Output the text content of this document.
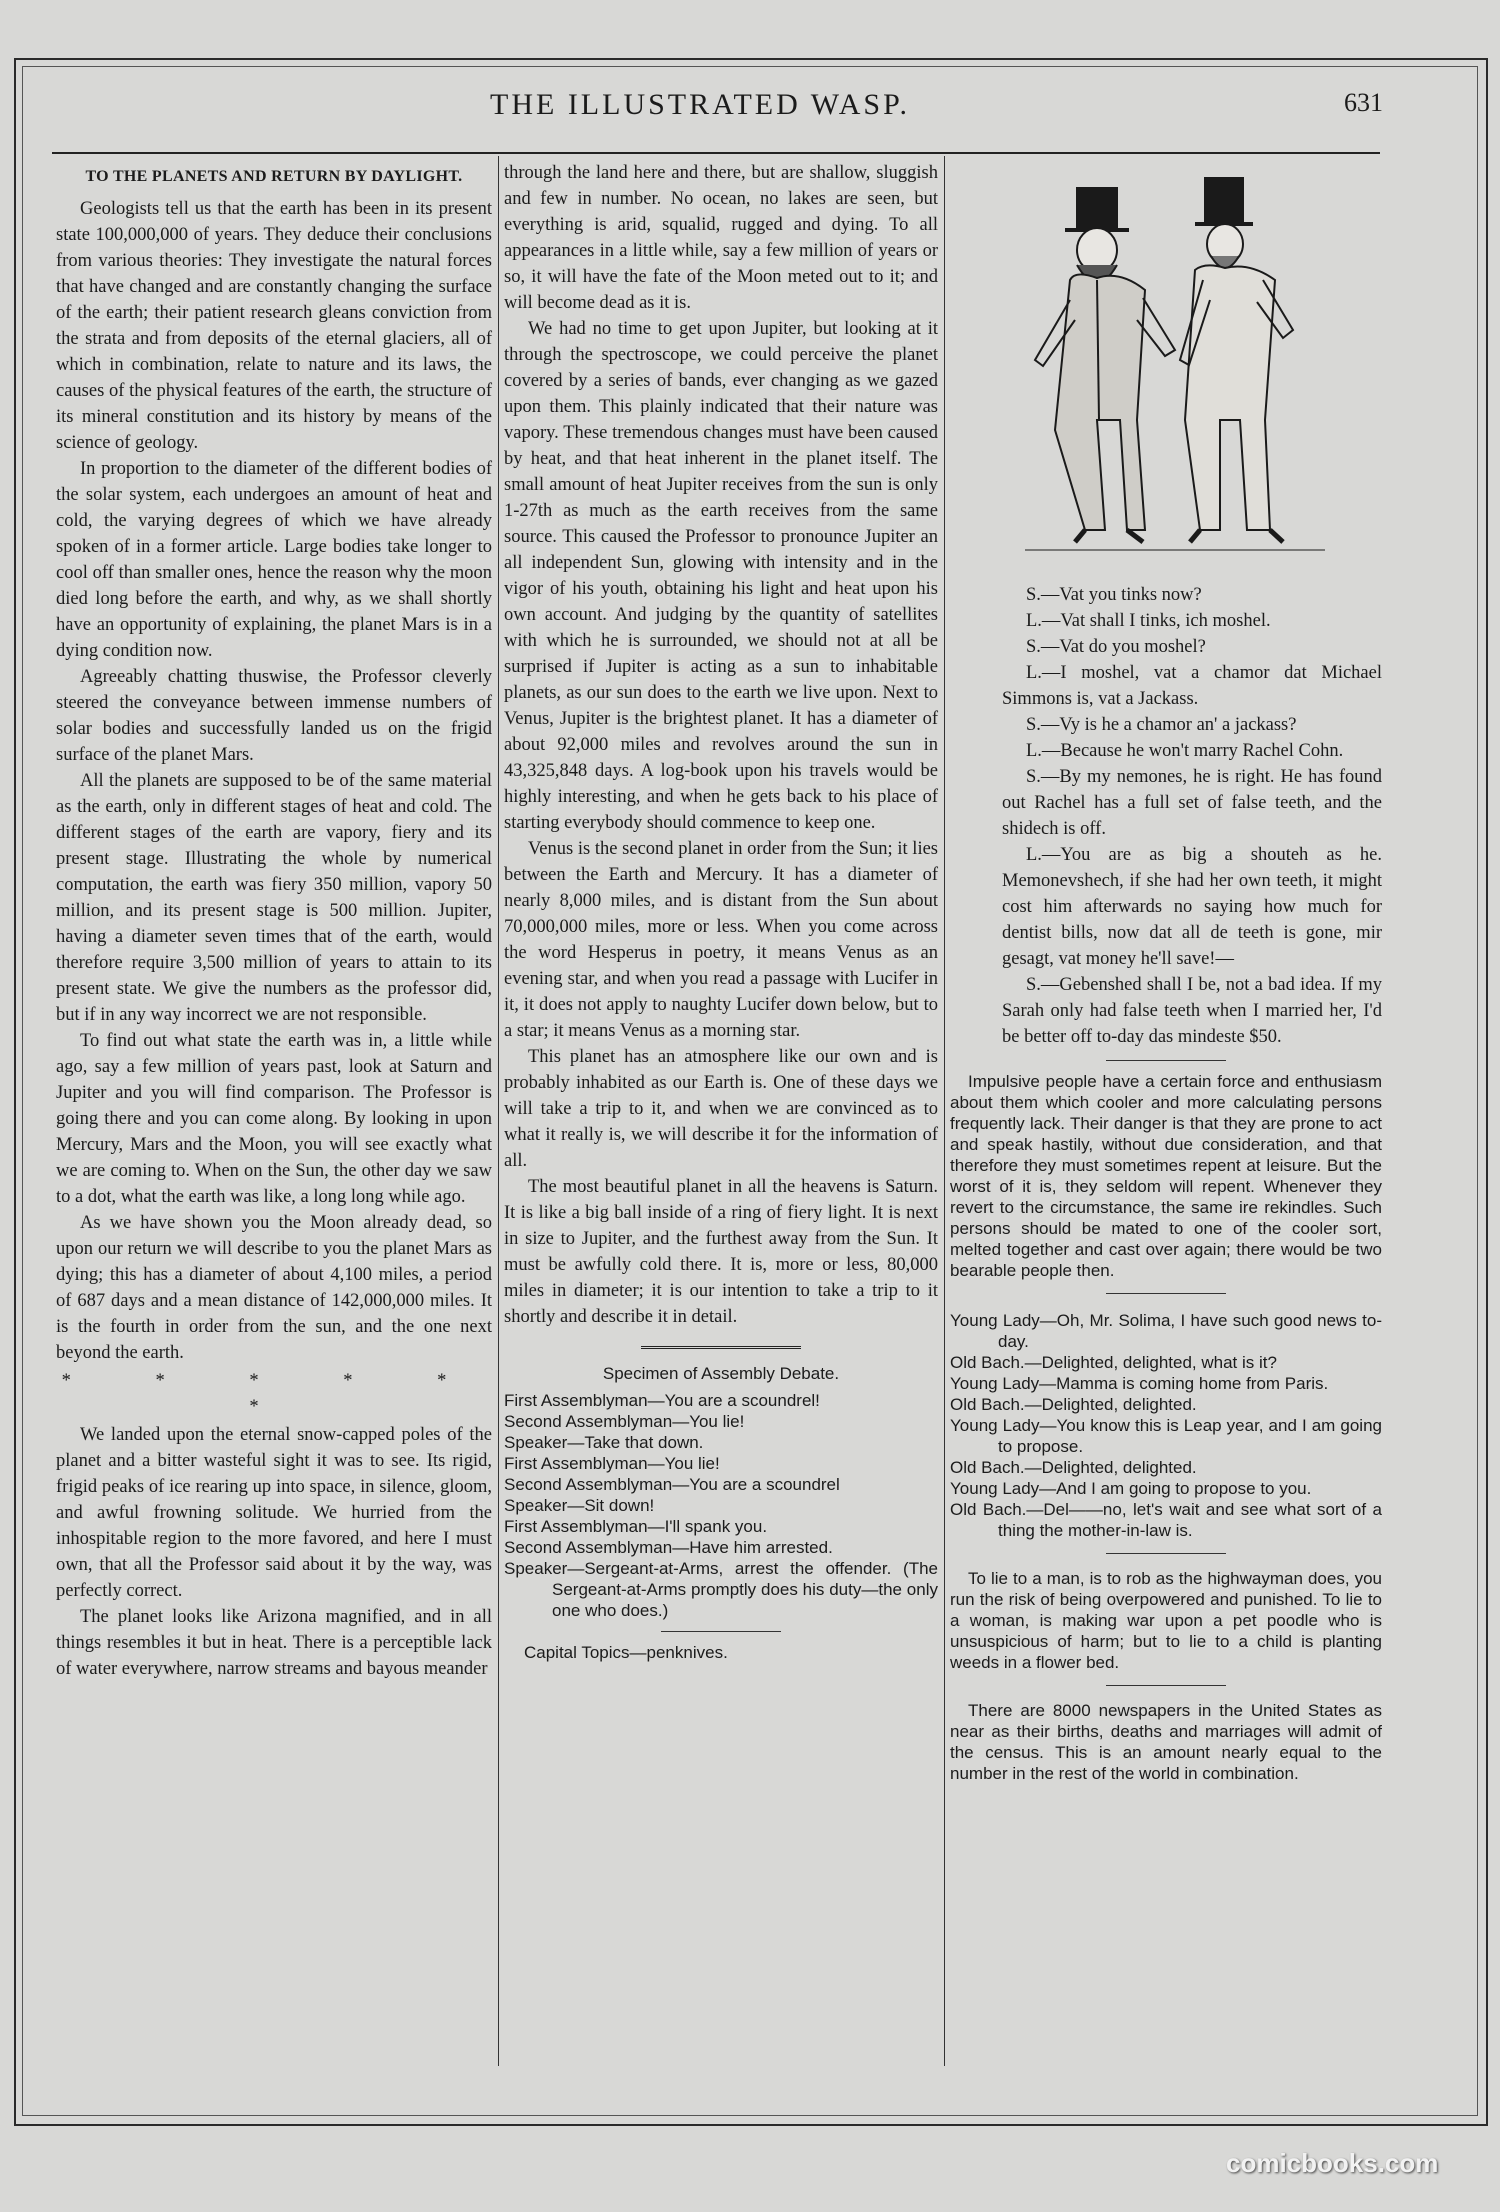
THE ILLUSTRATED WASP.	631
TO THE PLANETS AND RETURN BY DAYLIGHT.

Geologists tell us that the earth has been in its present state 100,000,000 of years. They deduce their conclusions from various theories: They investigate the natural forces that have changed and are constantly changing the surface of the earth; their patient research gleans conviction from the strata and from deposits of the eternal glaciers, all of which in combination, relate to nature and its laws, the causes of the physical features of the earth, the structure of its mineral constitution and its history by means of the science of geology.

In proportion to the diameter of the different bodies of the solar system, each undergoes an amount of heat and cold, the varying degrees of which we have already spoken of in a former article. Large bodies take longer to cool off than smaller ones, hence the reason why the moon died long before the earth, and why, as we shall shortly have an opportunity of explaining, the planet Mars is in a dying condition now.

Agreeably chatting thuswise, the Professor cleverly steered the conveyance between immense numbers of solar bodies and successfully landed us on the frigid surface of the planet Mars.

All the planets are supposed to be of the same material as the earth, only in different stages of heat and cold. The different stages of the earth are vapory, fiery and its present stage. Illustrating the whole by numerical computation, the earth was fiery 350 million, vapory 50 million, and its present stage is 500 million. Jupiter, having a diameter seven times that of the earth, would therefore require 3,500 million of years to attain to its present state. We give the numbers as the professor did, but if in any way incorrect we are not responsible.

To find out what state the earth was in, a little while ago, say a few million of years past, look at Saturn and Jupiter and you will find comparison. The Professor is going there and you can come along. By looking in upon Mercury, Mars and the Moon, you will see exactly what we are coming to. When on the Sun, the other day we saw to a dot, what the earth was like, a long long while ago.

As we have shown you the Moon already dead, so upon our return we will describe to you the planet Mars as dying; this has a diameter of about 4,100 miles, a period of 687 days and a mean distance of 142,000,000 miles. It is the fourth in order from the sun, and the one next beyond the earth.

* * * * * *

We landed upon the eternal snow-capped poles of the planet and a bitter wasteful sight it was to see. Its rigid, frigid peaks of ice rearing up into space, in silence, gloom, and awful frowning solitude. We hurried from the inhospitable region to the more favored, and here I must own, that all the Professor said about it by the way, was perfectly correct.

The planet looks like Arizona magnified, and in all things resembles it but in heat. There is a perceptible lack of water everywhere, narrow streams and bayous meander

through the land here and there, but are shallow, sluggish and few in number. No ocean, no lakes are seen, but everything is arid, squalid, rugged and dying. To all appearances in a little while, say a few million of years or so, it will have the fate of the Moon meted out to it; and will become dead as it is.

We had no time to get upon Jupiter, but looking at it through the spectroscope, we could perceive the planet covered by a series of bands, ever changing as we gazed upon them. This plainly indicated that their nature was vapory. These tremendous changes must have been caused by heat, and that heat inherent in the planet itself. The small amount of heat Jupiter receives from the sun is only 1-27th as much as the earth receives from the same source. This caused the Professor to pronounce Jupiter an all independent Sun, glowing with intensity and in the vigor of his youth, obtaining his light and heat upon his own account. And judging by the quantity of satellites with which he is surrounded, we should not at all be surprised if Jupiter is acting as a sun to inhabitable planets, as our sun does to the earth we live upon. Next to Venus, Jupiter is the brightest planet. It has a diameter of about 92,000 miles and revolves around the sun in 43,325,848 days. A log-book upon his travels would be highly interesting, and when he gets back to his place of starting everybody should commence to keep one.

Venus is the second planet in order from the Sun; it lies between the Earth and Mercury. It has a diameter of nearly 8,000 miles, and is distant from the Sun about 70,000,000 miles, more or less. When you come across the word Hesperus in poetry, it means Venus as an evening star, and when you read a passage with Lucifer in it, it does not apply to naughty Lucifer down below, but to a star; it means Venus as a morning star.

This planet has an atmosphere like our own and is probably inhabited as our Earth is. One of these days we will take a trip to it, and when we are convinced as to what it really is, we will describe it for the information of all.

The most beautiful planet in all the heavens is Saturn. It is like a big ball inside of a ring of fiery light. It is next in size to Jupiter, and the furthest away from the Sun. It must be awfully cold there. It is, more or less, 80,000 miles in diameter; it is our intention to take a trip to it shortly and describe it in detail.

Specimen of Assembly Debate.

First Assemblyman—You are a scoundrel!

Second Assemblyman—You lie!

Speaker—Take that down.

First Assemblyman—You lie!

Second Assemblyman—You are a scoundrel

Speaker—Sit down!

First Assemblyman—I'll spank you.

Second Assemblyman—Have him arrested.

Speaker—Sergeant-at-Arms, arrest the offender. (The Sergeant-at-Arms promptly does his duty—the only one who does.)

Capital Topics—penknives.

S.—Vat you tinks now?

L.—Vat shall I tinks, ich moshel.

S.—Vat do you moshel?

L.—I moshel, vat a chamor dat Michael Simmons is, vat a Jackass.

S.—Vy is he a chamor an' a jackass?

L.—Because he won't marry Rachel Cohn.

S.—By my nemones, he is right. He has found out Rachel has a full set of false teeth, and the shidech is off.

L.—You are as big a shouteh as he. Memonevshech, if she had her own teeth, it might cost him afterwards no saying how much for dentist bills, now dat all de teeth is gone, mir gesagt, vat money he'll save!—

S.—Gebenshed shall I be, not a bad idea. If my Sarah only had false teeth when I married her, I'd be better off to-day das mindeste $50.

Impulsive people have a certain force and enthusiasm about them which cooler and more calculating persons frequently lack. Their danger is that they are prone to act and speak hastily, without due consideration, and that therefore they must sometimes repent at leisure. But the worst of it is, they seldom will repent. Whenever they revert to the circumstance, the same ire rekindles. Such persons should be mated to one of the cooler sort, melted together and cast over again; there would be two bearable people then.

Young Lady—Oh, Mr. Solima, I have such good news to-day.

Old Bach.—Delighted, delighted, what is it?

Young Lady—Mamma is coming home from Paris.

Old Bach.—Delighted, delighted.

Young Lady—You know this is Leap year, and I am going to propose.

Old Bach.—Delighted, delighted.

Young Lady—And I am going to propose to you.

Old Bach.—Del——no, let's wait and see what sort of a thing the mother-in-law is.

To lie to a man, is to rob as the highwayman does, you run the risk of being overpowered and punished. To lie to a woman, is making war upon a pet poodle who is unsuspicious of harm; but to lie to a child is planting weeds in a flower bed.

There are 8000 newspapers in the United States as near as their births, deaths and marriages will admit of the census. This is an amount nearly equal to the number in the rest of the world in combination.

comicbooks.com
